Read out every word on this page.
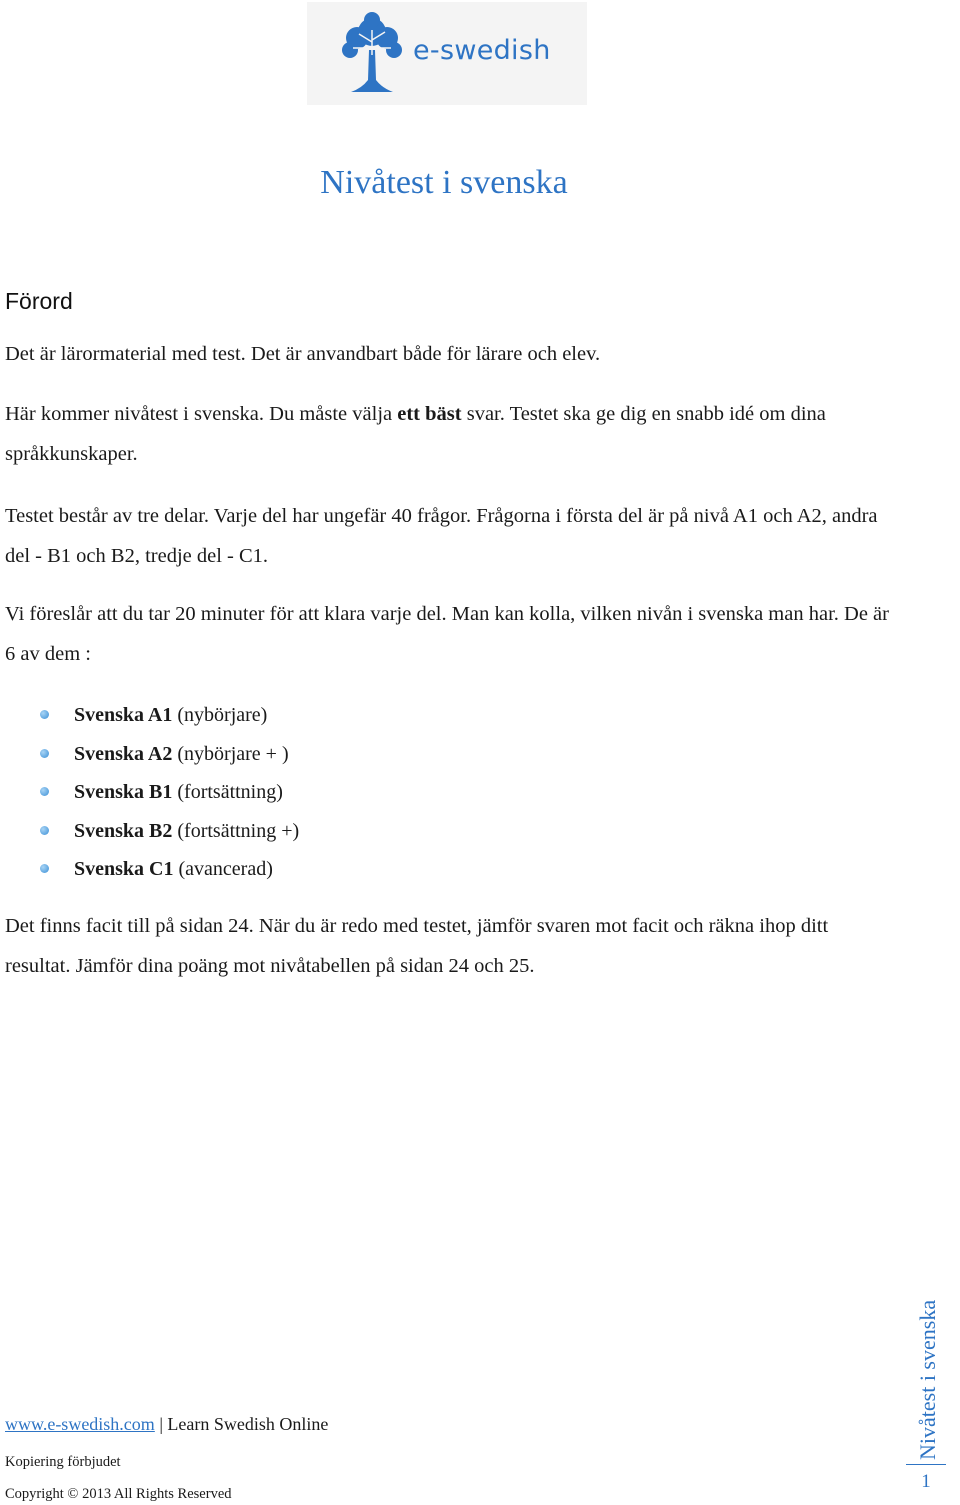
e-swedish
Nivåtest i svenska
Förord

Det är lärormaterial med test. Det är anvandbart både för lärare och elev.

Här kommer nivåtest i svenska. Du måste välja ett bäst svar. Testet ska ge dig en snabb idé om dina språkkunskaper.

Testet består av tre delar. Varje del har ungefär 40 frågor. Frågorna i första del är på nivå A1 och A2, andra del - B1 och B2, tredje del - C1.

Vi föreslår att du tar 20 minuter för att klara varje del. Man kan kolla, vilken nivån i svenska man har. De är 6 av dem :

Svenska A1 (nybörjare)
Svenska A2 (nybörjare + )
Svenska B1 (fortsättning)
Svenska B2 (fortsättning +)
Svenska C1 (avancerad)

Det finns facit till på sidan 24. När du är redo med testet, jämför svaren mot facit och räkna ihop ditt resultat. Jämför dina poäng mot nivåtabellen på sidan 24 och 25.

www.e-swedish.com | Learn Swedish Online
Kopiering förbjudet
Copyright © 2013 All Rights Reserved
Nivåtest i svenska
1
